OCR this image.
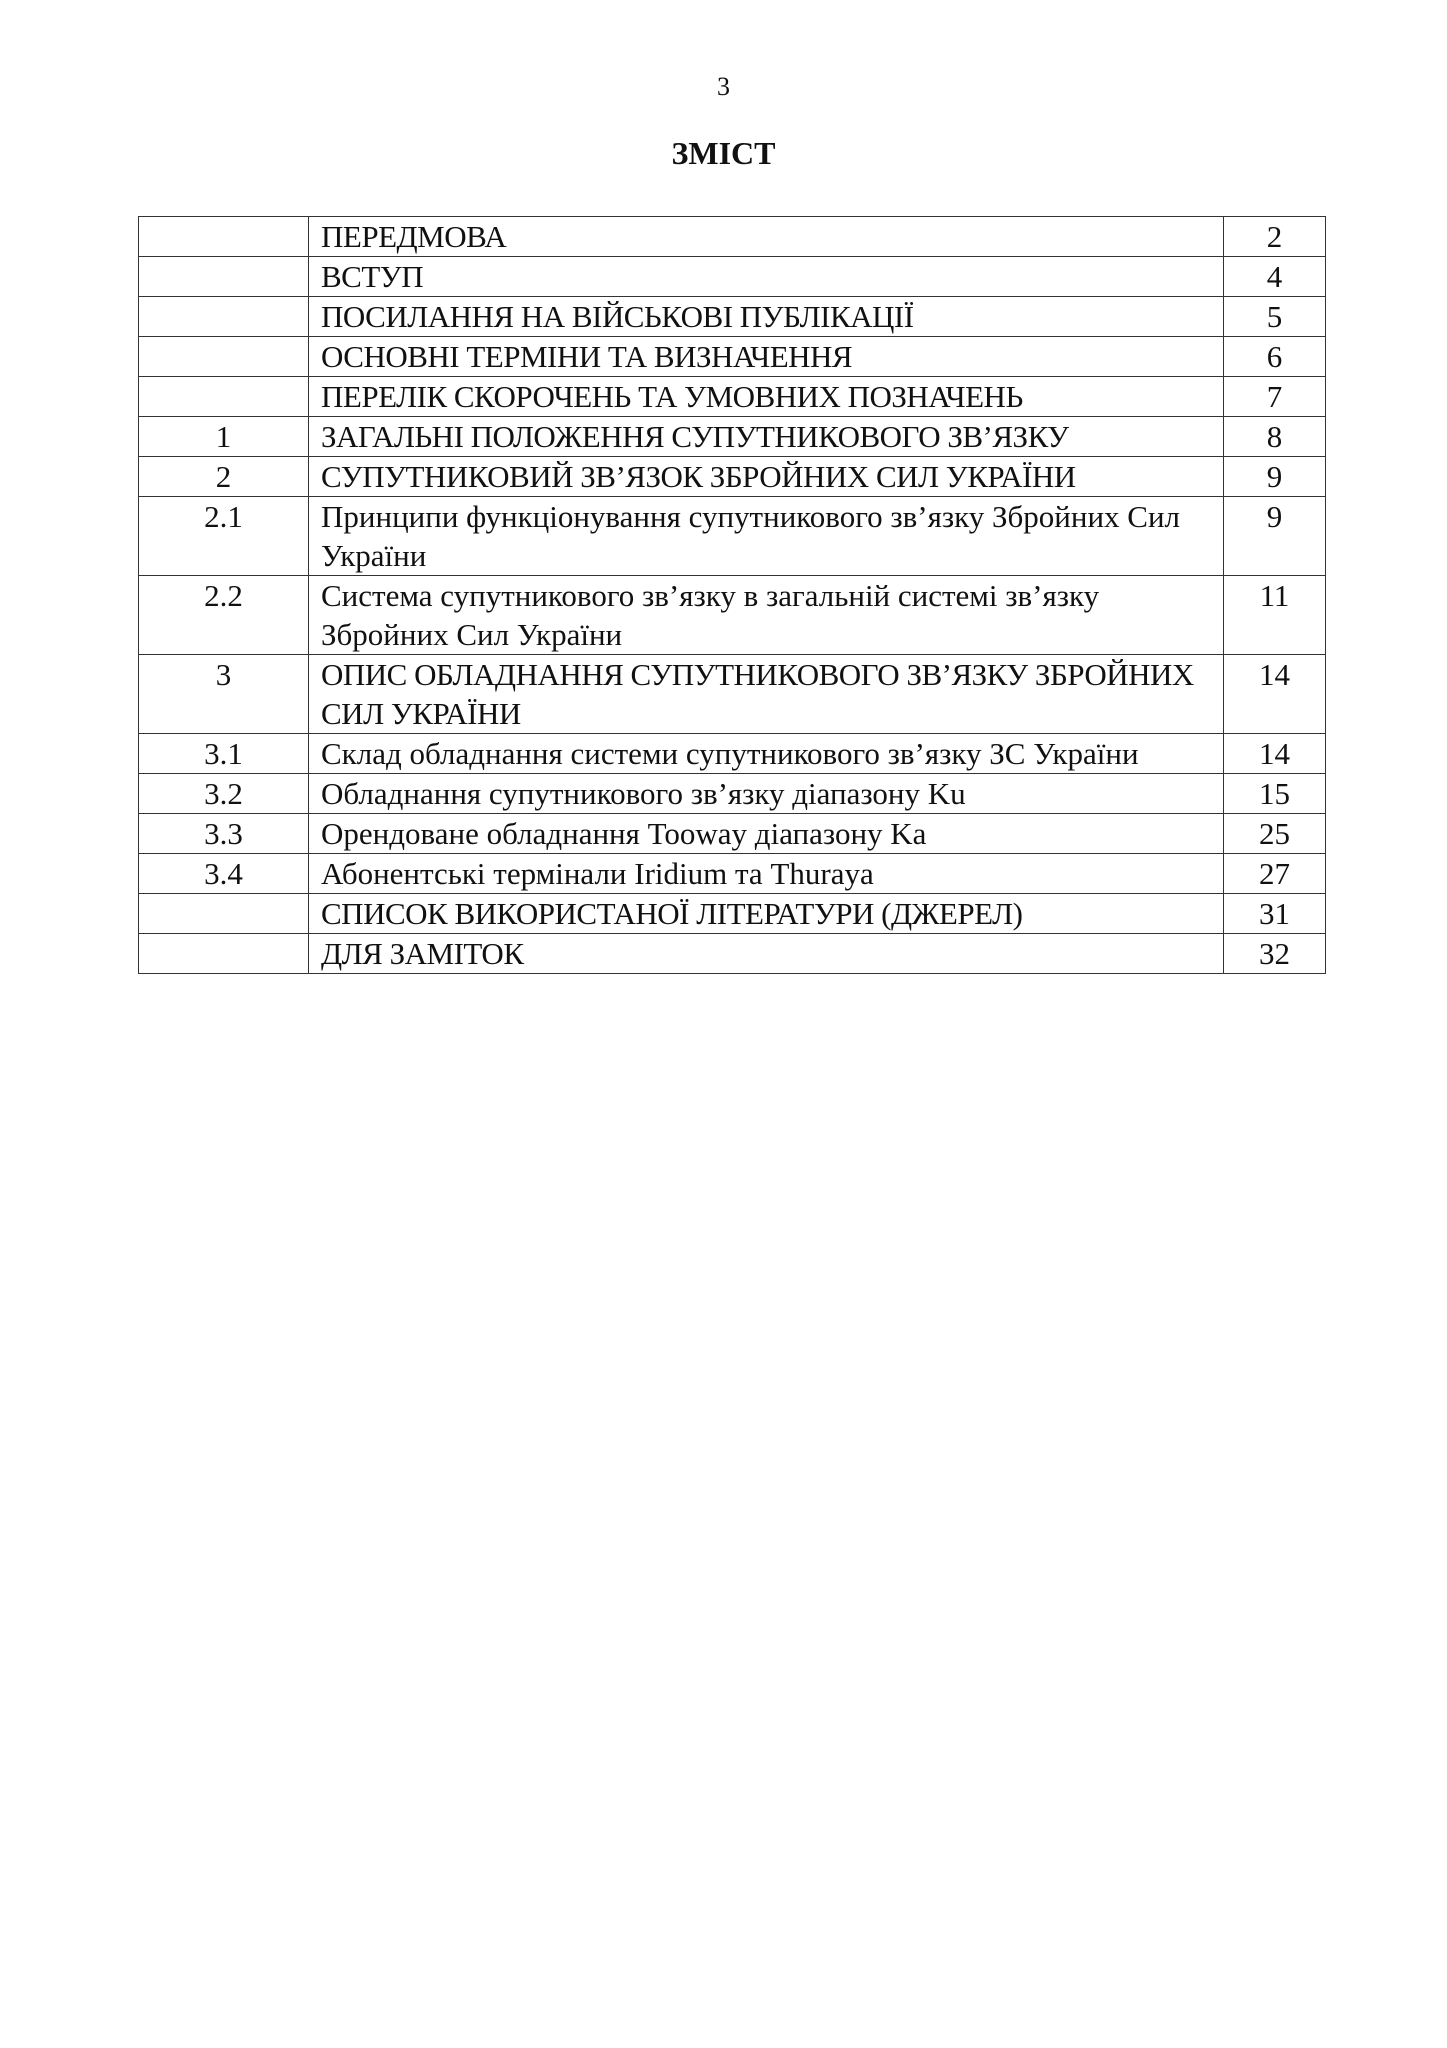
3
ЗМІСТ
	ПЕРЕДМОВА	2
	ВСТУП	4
	ПОСИЛАННЯ НА ВІЙСЬКОВІ ПУБЛІКАЦІЇ	5
	ОСНОВНІ ТЕРМІНИ ТА ВИЗНАЧЕННЯ	6
	ПЕРЕЛІК СКОРОЧЕНЬ ТА УМОВНИХ ПОЗНАЧЕНЬ	7
1	ЗАГАЛЬНІ ПОЛОЖЕННЯ СУПУТНИКОВОГО ЗВ’ЯЗКУ	8
2	СУПУТНИКОВИЙ ЗВ’ЯЗОК ЗБРОЙНИХ СИЛ УКРАЇНИ	9
2.1	Принципи функціонування супутникового зв’язку Збройних Сил України	9
2.2	Система супутникового зв’язку в загальній системі зв’язку Збройних Сил України	11
3	ОПИС ОБЛАДНАННЯ СУПУТНИКОВОГО ЗВ’ЯЗКУ ЗБРОЙНИХ СИЛ УКРАЇНИ	14
3.1	Склад обладнання системи супутникового зв’язку ЗС України	14
3.2	Обладнання супутникового зв’язку діапазону Ku	15
3.3	Орендоване обладнання Tooway діапазону Ka	25
3.4	Абонентські термінали Iridium та Thuraya	27
	СПИСОК ВИКОРИСТАНОЇ ЛІТЕРАТУРИ (ДЖЕРЕЛ)	31
	ДЛЯ ЗАМІТОК	32
